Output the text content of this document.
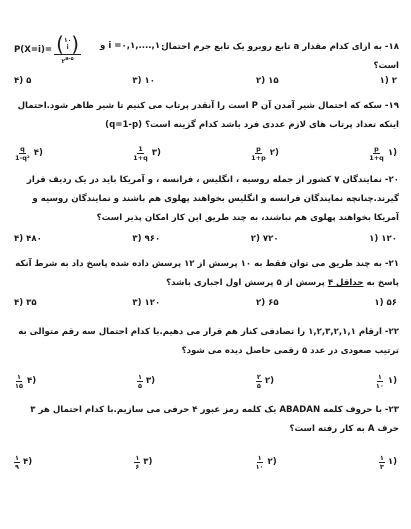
۱۸- به ازای کدام مقدار a تابع روبرو یک تابع جرم احتمال است؟
i =۰,۱,....,۱۰ و
P(X=i)= ( ۱۰
i )
۲$^{a-۵}$
۲ (۱
۱۵ (۲
۱۰ (۳
۵ (۴
۱۹- سکه که احتمال شیر آمدن آن P است را آنقدر پرتاب می کنیم تا شیر ظاهر شود.احتمال اینکه تعداد پرتاب های لازم عددی فرد باشد کدام گزینه است؟ (q=1-p)
(۱
$\frac{p}{1+q}$
(۲
$\frac{p}{1+p}$
(۳
$\frac{1}{1+q}$
(۴
$\frac{q}{\text{1-q²}}$
۲۰- نمایندگان ۷ کشور از جمله روسیه ، انگلیس ، فرانسه ، و آمریکا باید در یک ردیف قرار گیرند.چنانچه نمایندگان فرانسه و انگلیس بخواهند پهلوی هم باشند و نمایندگان روسیه و آمریکا بخواهند پهلوی هم نباشند، به چند طریق این کار امکان پذیر است؟
۱۲۰ (۱
۷۲۰ (۲
۹۶۰ (۳
۴۸۰ (۴
۲۱- به چند طریق می توان فقط به ۱۰ پرسش از ۱۲ پرسش داده شده پاسخ داد به شرط آنکه پاسخ به حداقل ۴ پرسش از ۵ پرسش اول اجباری باشد؟
۵۶ (۱
۶۵ (۲
۱۲۰ (۳
۳۵ (۴
۲۲- ارقام ۱,۲,۳,۲,۱,۱ را تصادفی کنار هم قرار می دهیم.با کدام احتمال سه رقم متوالی به ترتیب صعودی در عدد ۵ رقمی حاصل دیده می شود؟
(۱
$\frac{۱}{۱۰}$
(۲
$\frac{۲}{۵}$
(۳
$\frac{۱}{۵}$
(۴
$\frac{۱}{۱۵}$
۲۳- با حروف کلمه ABADAN یک کلمه رمز عبور ۴ حرفی می سازیم.با کدام احتمال هر ۳ حرف A به کار رفته است؟
(۱
$\frac{۱}{۳}$
(۲
$\frac{۱}{۱۰}$
(۳
$\frac{۱}{۶}$
(۴
$\frac{۱}{۹}$
